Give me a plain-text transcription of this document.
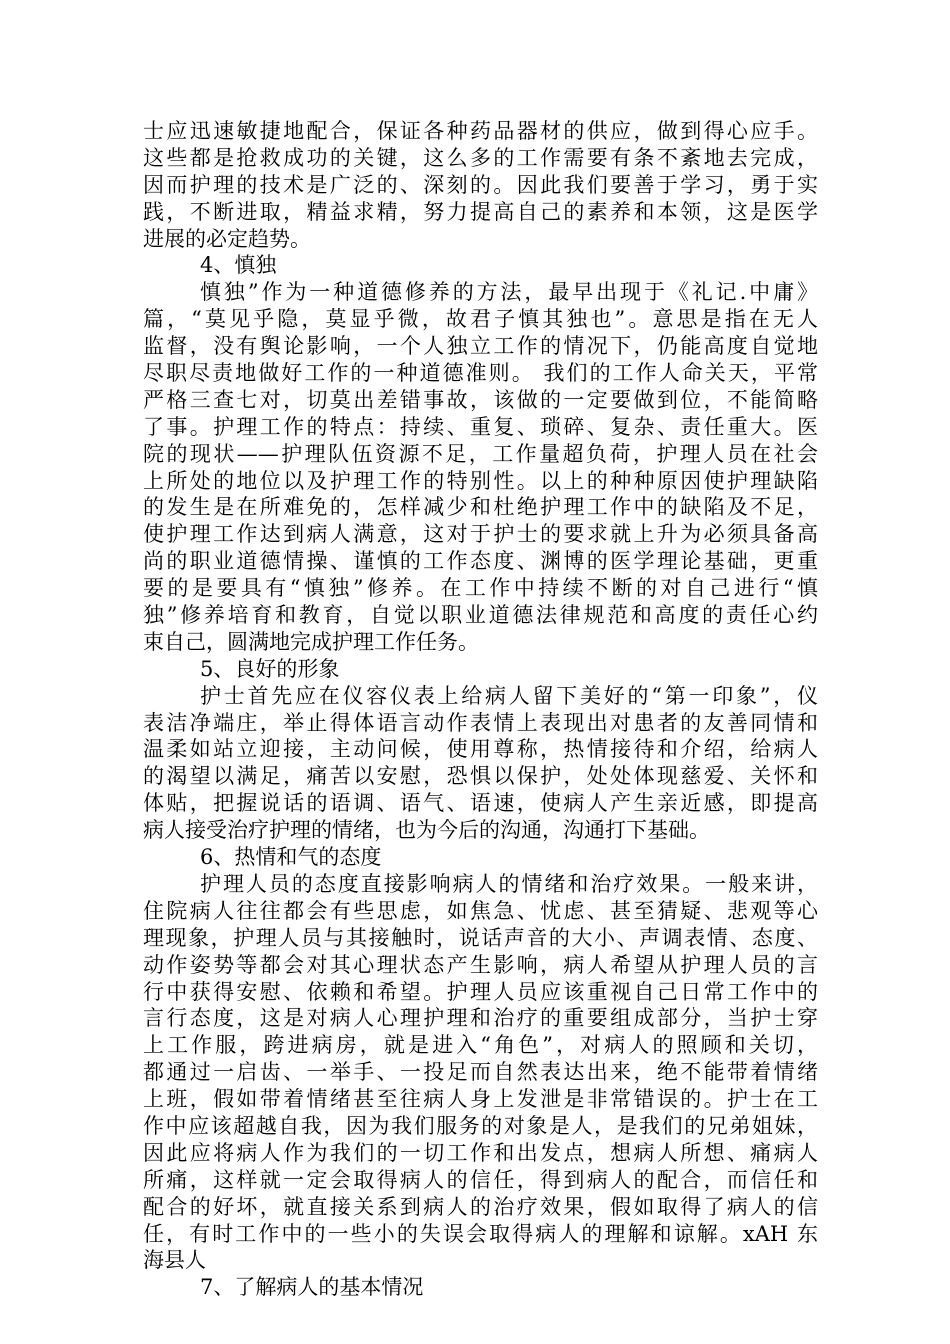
士应迅速敏捷地配合，保证各种药品器材的供应，做到得心应手。
这些都是抢救成功的关键，这么多的工作需要有条不紊地去完成，
因而护理的技术是广泛的、深刻的。因此我们要善于学习，勇于实
践，不断进取，精益求精，努力提高自己的素养和本领，这是医学
进展的必定趋势。
4、慎独
慎独”作为一种道德修养的方法，最早出现于《礼记.中庸》
篇，“莫见乎隐，莫显乎微，故君子慎其独也”。意思是指在无人
监督，没有舆论影响，一个人独立工作的情况下，仍能高度自觉地
尽职尽责地做好工作的一种道德准则。 我们的工作人命关天，平常
严格三查七对，切莫出差错事故，该做的一定要做到位，不能简略
了事。护理工作的特点：持续、重复、琐碎、复杂、责任重大。医
院的现状——护理队伍资源不足，工作量超负荷，护理人员在社会
上所处的地位以及护理工作的特别性。以上的种种原因使护理缺陷
的发生是在所难免的，怎样减少和杜绝护理工作中的缺陷及不足，
使护理工作达到病人满意，这对于护士的要求就上升为必须具备高
尚的职业道德情操、谨慎的工作态度、渊博的医学理论基础，更重
要的是要具有“慎独”修养。在工作中持续不断的对自己进行“慎
独”修养培育和教育，自觉以职业道德法律规范和高度的责任心约
束自己，圆满地完成护理工作任务。
5、良好的形象
护士首先应在仪容仪表上给病人留下美好的“第一印象”，仪
表洁净端庄，举止得体语言动作表情上表现出对患者的友善同情和
温柔如站立迎接，主动问候，使用尊称，热情接待和介绍，给病人
的渴望以满足，痛苦以安慰，恐惧以保护，处处体现慈爱、关怀和
体贴，把握说话的语调、语气、语速，使病人产生亲近感，即提高
病人接受治疗护理的情绪，也为今后的沟通，沟通打下基础。
6、热情和气的态度
护理人员的态度直接影响病人的情绪和治疗效果。一般来讲，
住院病人往往都会有些思虑，如焦急、忧虑、甚至猜疑、悲观等心
理现象，护理人员与其接触时，说话声音的大小、声调表情、态度、
动作姿势等都会对其心理状态产生影响，病人希望从护理人员的言
行中获得安慰、依赖和希望。护理人员应该重视自己日常工作中的
言行态度，这是对病人心理护理和治疗的重要组成部分，当护士穿
上工作服，跨进病房，就是进入“角色”，对病人的照顾和关切，
都通过一启齿、一举手、一投足而自然表达出来，绝不能带着情绪
上班，假如带着情绪甚至往病人身上发泄是非常错误的。护士在工
作中应该超越自我，因为我们服务的对象是人，是我们的兄弟姐妹，
因此应将病人作为我们的一切工作和出发点，想病人所想、痛病人
所痛，这样就一定会取得病人的信任，得到病人的配合，而信任和
配合的好坏，就直接关系到病人的治疗效果，假如取得了病人的信
任，有时工作中的一些小的失误会取得病人的理解和谅解。xAH 东
海县人
7、了解病人的基本情况
